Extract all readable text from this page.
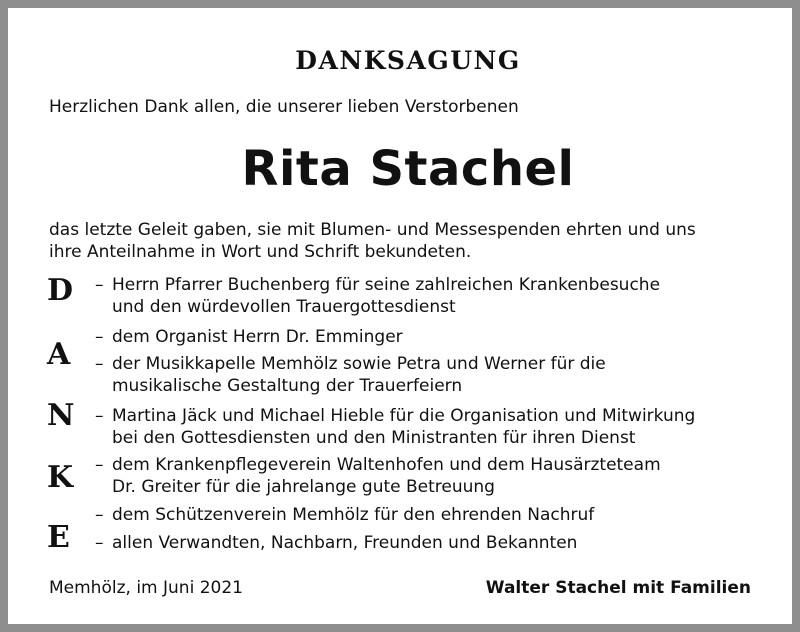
DANKSAGUNG
Herzlichen Dank allen, die unserer lieben Verstorbenen
Rita Stachel
das letzte Geleit gaben, sie mit Blumen- und Messespenden ehrten und uns
ihre Anteilnahme in Wort und Schrift bekundeten.
D
A
N
K
E
– Herrn Pfarrer Buchenberg für seine zahlreichen Krankenbesuche
und den würdevollen Trauergottesdienst
– dem Organist Herrn Dr. Emminger
– der Musikkapelle Memhölz sowie Petra und Werner für die
musikalische Gestaltung der Trauerfeiern
– Martina Jäck und Michael Hieble für die Organisation und Mitwirkung
bei den Gottesdiensten und den Ministranten für ihren Dienst
– dem Krankenpflegeverein Waltenhofen und dem Hausärzteteam
Dr. Greiter für die jahrelange gute Betreuung
– dem Schützenverein Memhölz für den ehrenden Nachruf
– allen Verwandten, Nachbarn, Freunden und Bekannten
Memhölz, im Juni 2021	Walter Stachel mit Familien
